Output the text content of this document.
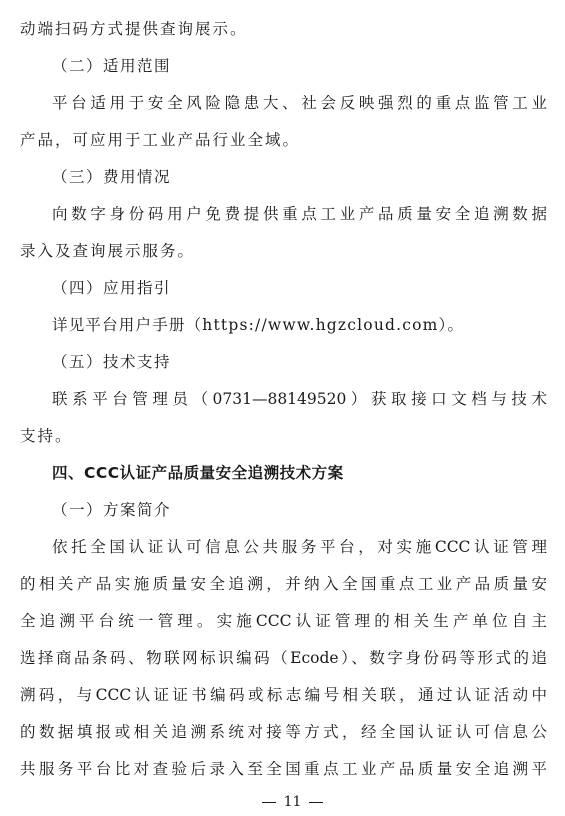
动端扫码方式提供查询展示。
（二）适用范围
平台适用于安全风险隐患大、社会反映强烈的重点监管工业
产品，可应用于工业产品行业全域。
（三）费用情况
向数字身份码用户免费提供重点工业产品质量安全追溯数据
录入及查询展示服务。
（四）应用指引
详见平台用户手册（https://www.hgzcloud.com）。
（五）技术支持
联系平台管理员（0731—88149520）获取接口文档与技术
支持。
四、CCC认证产品质量安全追溯技术方案
（一）方案简介
依托全国认证认可信息公共服务平台，对实施CCC认证管理
的相关产品实施质量安全追溯，并纳入全国重点工业产品质量安
全追溯平台统一管理。实施CCC认证管理的相关生产单位自主
选择商品条码、物联网标识编码（Ecode）、数字身份码等形式的追
溯码，与CCC认证证书编码或标志编号相关联，通过认证活动中
的数据填报或相关追溯系统对接等方式，经全国认证认可信息公
共服务平台比对查验后录入至全国重点工业产品质量安全追溯平
11
